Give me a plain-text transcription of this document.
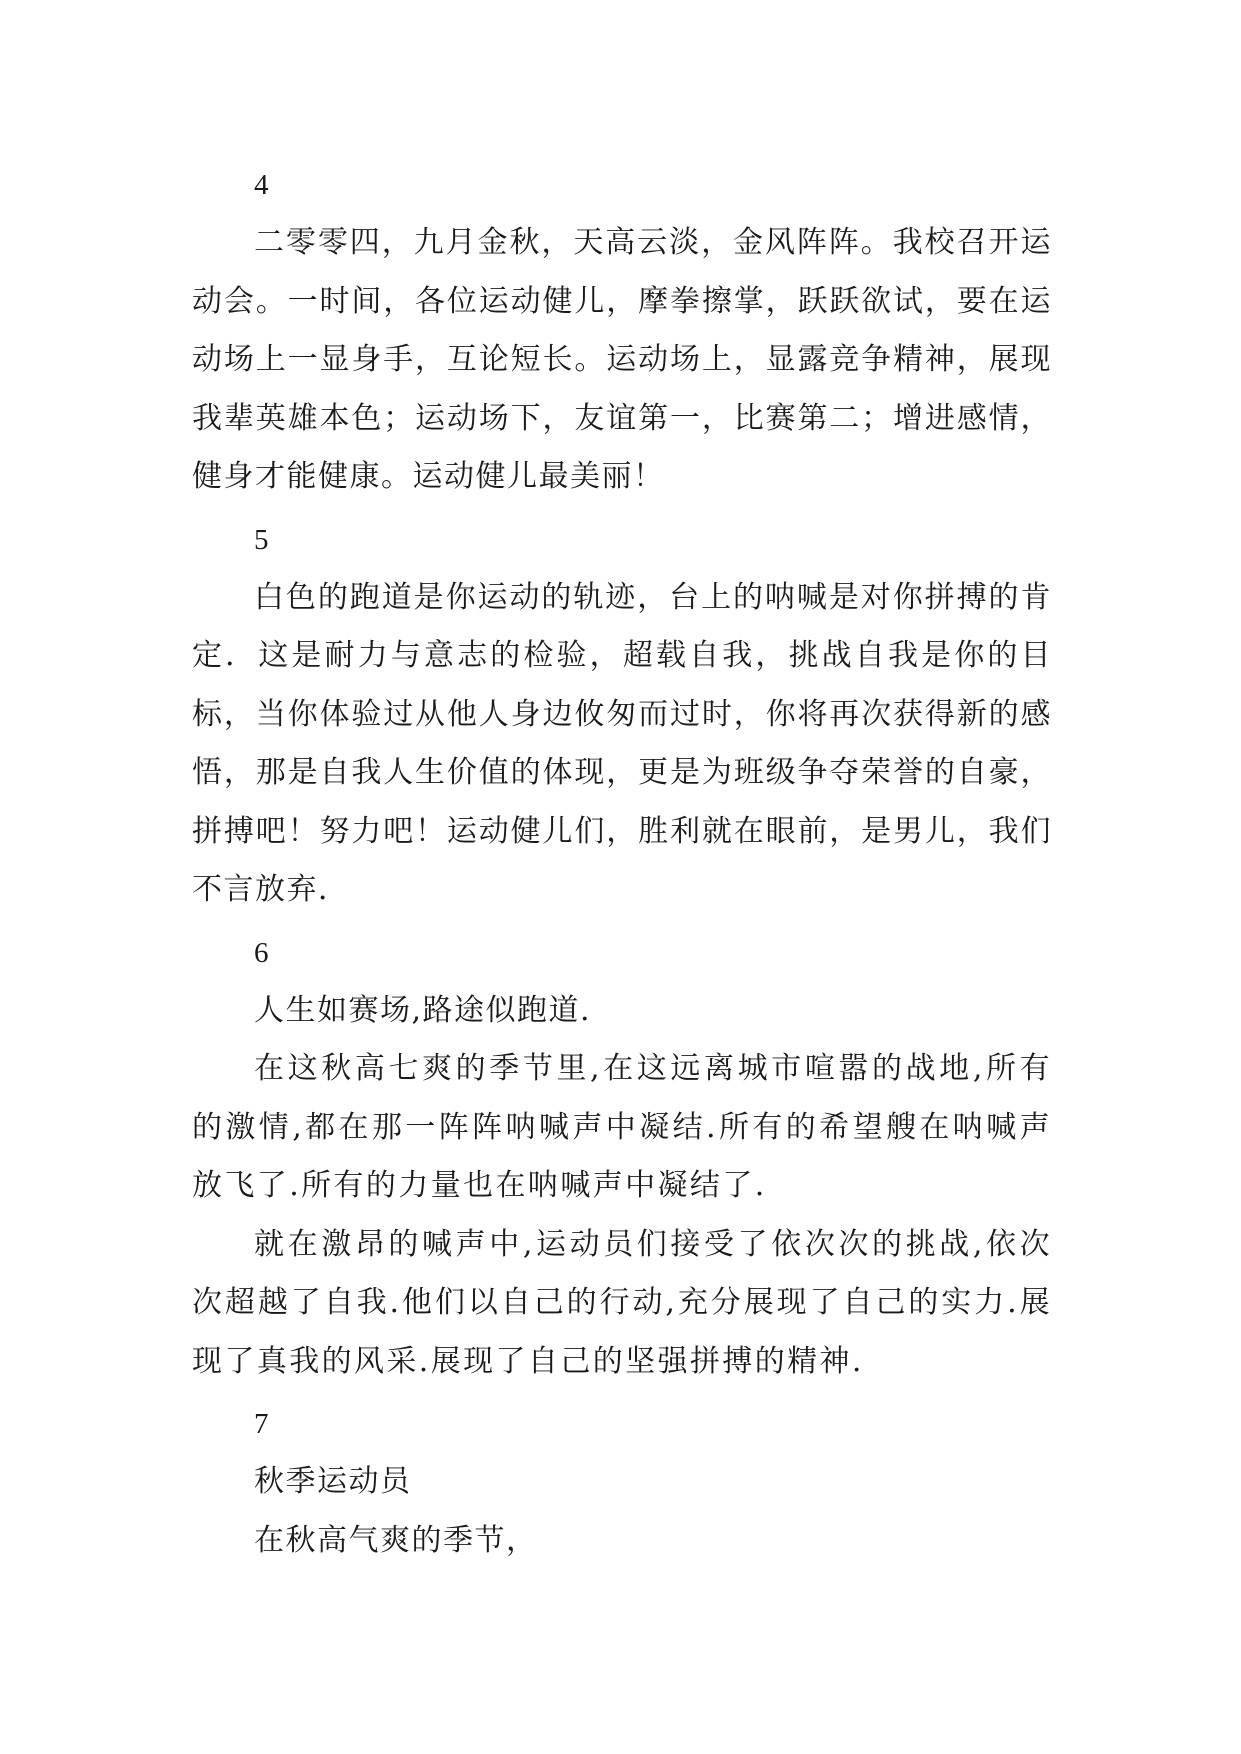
4

二零零四，九月金秋，天高云淡，金风阵阵。我校召开运动会。一时间，各位运动健儿，摩拳擦掌，跃跃欲试，要在运动场上一显身手，互论短长。运动场上，显露竞争精神，展现我辈英雄本色；运动场下，友谊第一，比赛第二；增进感情，健身才能健康。运动健儿最美丽！

5

白色的跑道是你运动的轨迹，台上的呐喊是对你拼搏的肯定．这是耐力与意志的检验，超载自我，挑战自我是你的目标，当你体验过从他人身边攸匆而过时，你将再次获得新的感悟，那是自我人生价值的体现，更是为班级争夺荣誉的自豪，拼搏吧！努力吧！运动健儿们，胜利就在眼前，是男儿，我们不言放弃．

6

人生如赛场,路途似跑道.

在这秋高七爽的季节里,在这远离城市喧嚣的战地,所有的激情,都在那一阵阵呐喊声中凝结.所有的希望艘在呐喊声放飞了.所有的力量也在呐喊声中凝结了.

就在激昂的喊声中,运动员们接受了依次次的挑战,依次次超越了自我.他们以自己的行动,充分展现了自己的实力.展现了真我的风采.展现了自己的坚强拼搏的精神.

7

秋季运动员

在秋高气爽的季节，
